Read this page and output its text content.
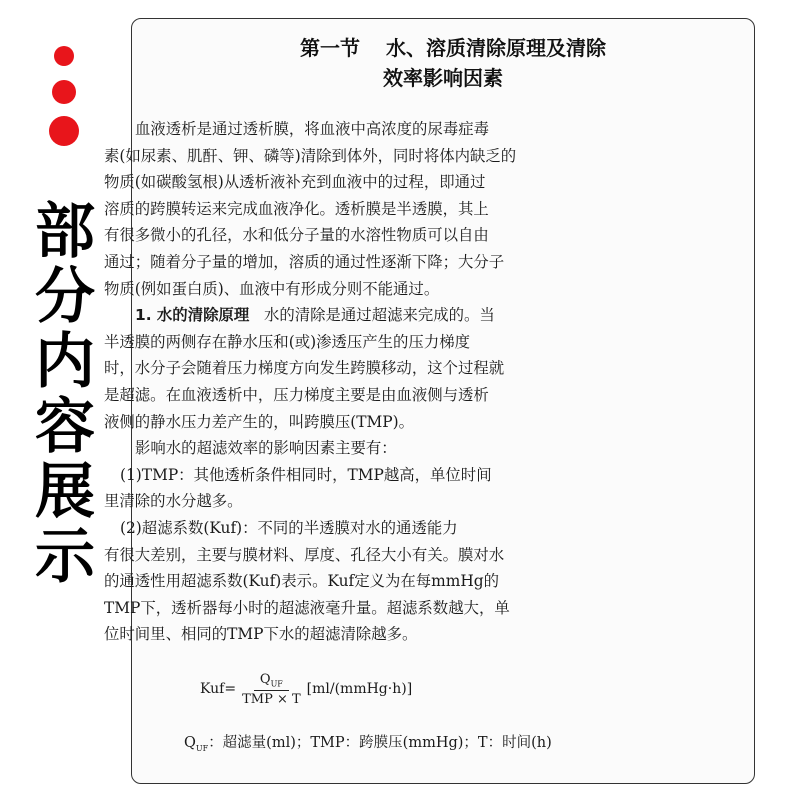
部
分
内
容
展
示
第一节 水、溶质清除原理及清除
效率影响因素
血液透析是通过透析膜，将血液中高浓度的尿毒症毒
素(如尿素、肌酐、钾、磷等)清除到体外，同时将体内缺乏的
物质(如碳酸氢根)从透析液补充到血液中的过程，即通过
溶质的跨膜转运来完成血液净化。透析膜是半透膜，其上
有很多微小的孔径，水和低分子量的水溶性物质可以自由
通过；随着分子量的增加，溶质的通过性逐渐下降；大分子
物质(例如蛋白质)、血液中有形成分则不能通过。
1. 水的清除原理 水的清除是通过超滤来完成的。当
半透膜的两侧存在静水压和(或)渗透压产生的压力梯度
时，水分子会随着压力梯度方向发生跨膜移动，这个过程就
是超滤。在血液透析中，压力梯度主要是由血液侧与透析
液侧的静水压力差产生的，叫跨膜压(TMP)。
影响水的超滤效率的影响因素主要有：
(1)TMP：其他透析条件相同时，TMP越高，单位时间
里清除的水分越多。
(2)超滤系数(Kuf)：不同的半透膜对水的通透能力
有很大差别，主要与膜材料、厚度、孔径大小有关。膜对水
的通透性用超滤系数(Kuf)表示。Kuf定义为在每mmHg的
TMP下，透析器每小时的超滤液毫升量。超滤系数越大，单
位时间里、相同的TMP下水的超滤清除越多。
$Kuf= \frac{Q_{UF}}{\text{TMP × T}}$ [ml/(mmHg·h)]
$Q_{UF}$：超滤量(ml)；TMP：跨膜压(mmHg)；T：时间(h)
